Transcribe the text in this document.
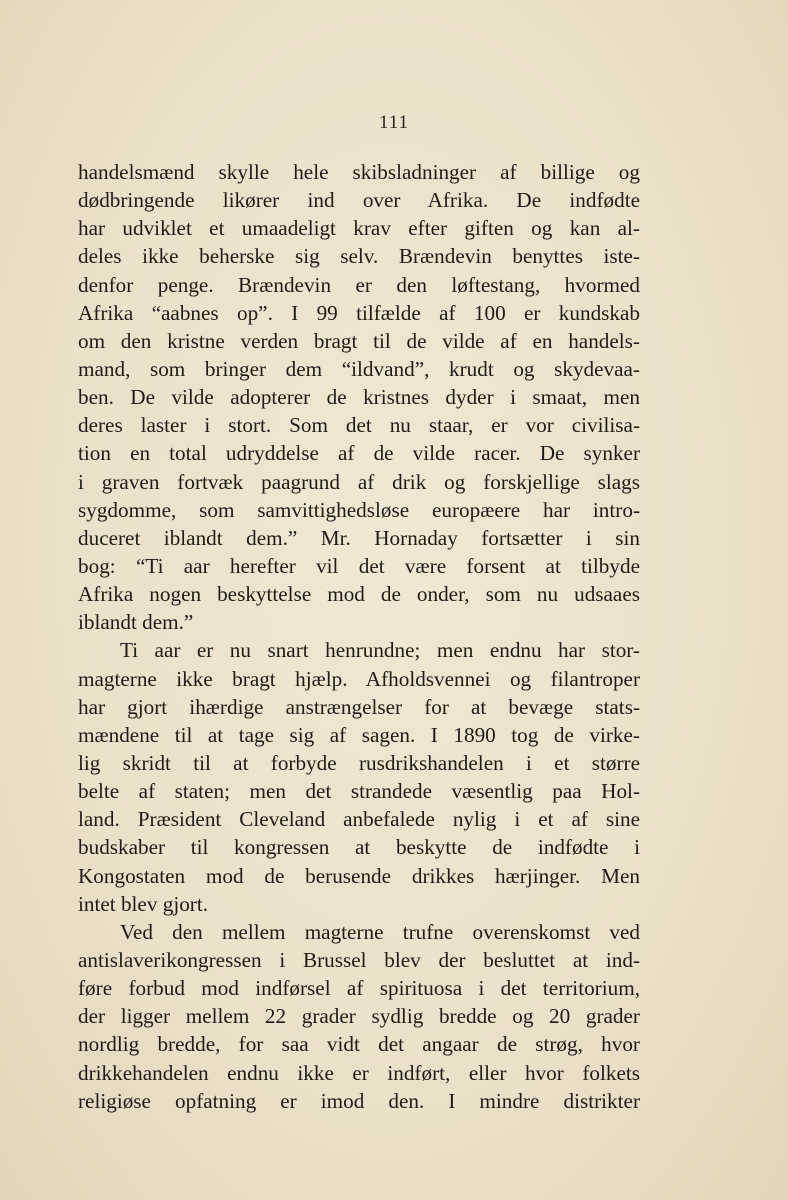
111
handelsmænd skylle hele skibsladninger af billige og
dødbringende likører ind over Afrika. De indfødte
har udviklet et umaadeligt krav efter giften og kan al-
deles ikke beherske sig selv. Brændevin benyttes iste-
denfor penge. Brændevin er den løftestang, hvormed
Afrika “aabnes op”. I 99 tilfælde af 100 er kundskab
om den kristne verden bragt til de vilde af en handels-
mand, som bringer dem “ildvand”, krudt og skydevaa-
ben. De vilde adopterer de kristnes dyder i smaat, men
deres laster i stort. Som det nu staar, er vor civilisa-
tion en total udryddelse af de vilde racer. De synker
i graven fortvæk paagrund af drik og forskjellige slags
sygdomme, som samvittighedsløse europæere har intro-
duceret iblandt dem.” Mr. Hornaday fortsætter i sin
bog: “Ti aar herefter vil det være forsent at tilbyde
Afrika nogen beskyttelse mod de onder, som nu udsaaes
iblandt dem.”
Ti aar er nu snart henrundne; men endnu har stor-
magterne ikke bragt hjælp. Afholdsvennei og filantroper
har gjort ihærdige anstrængelser for at bevæge stats-
mændene til at tage sig af sagen. I 1890 tog de virke-
lig skridt til at forbyde rusdrikshandelen i et større
belte af staten; men det strandede væsentlig paa Hol-
land. Præsident Cleveland anbefalede nylig i et af sine
budskaber til kongressen at beskytte de indfødte i
Kongostaten mod de berusende drikkes hærjinger. Men
intet blev gjort.
Ved den mellem magterne trufne overenskomst ved
antislaverikongressen i Brussel blev der besluttet at ind-
føre forbud mod indførsel af spirituosa i det territorium,
der ligger mellem 22 grader sydlig bredde og 20 grader
nordlig bredde, for saa vidt det angaar de strøg, hvor
drikkehandelen endnu ikke er indført, eller hvor folkets
religiøse opfatning er imod den. I mindre distrikter
